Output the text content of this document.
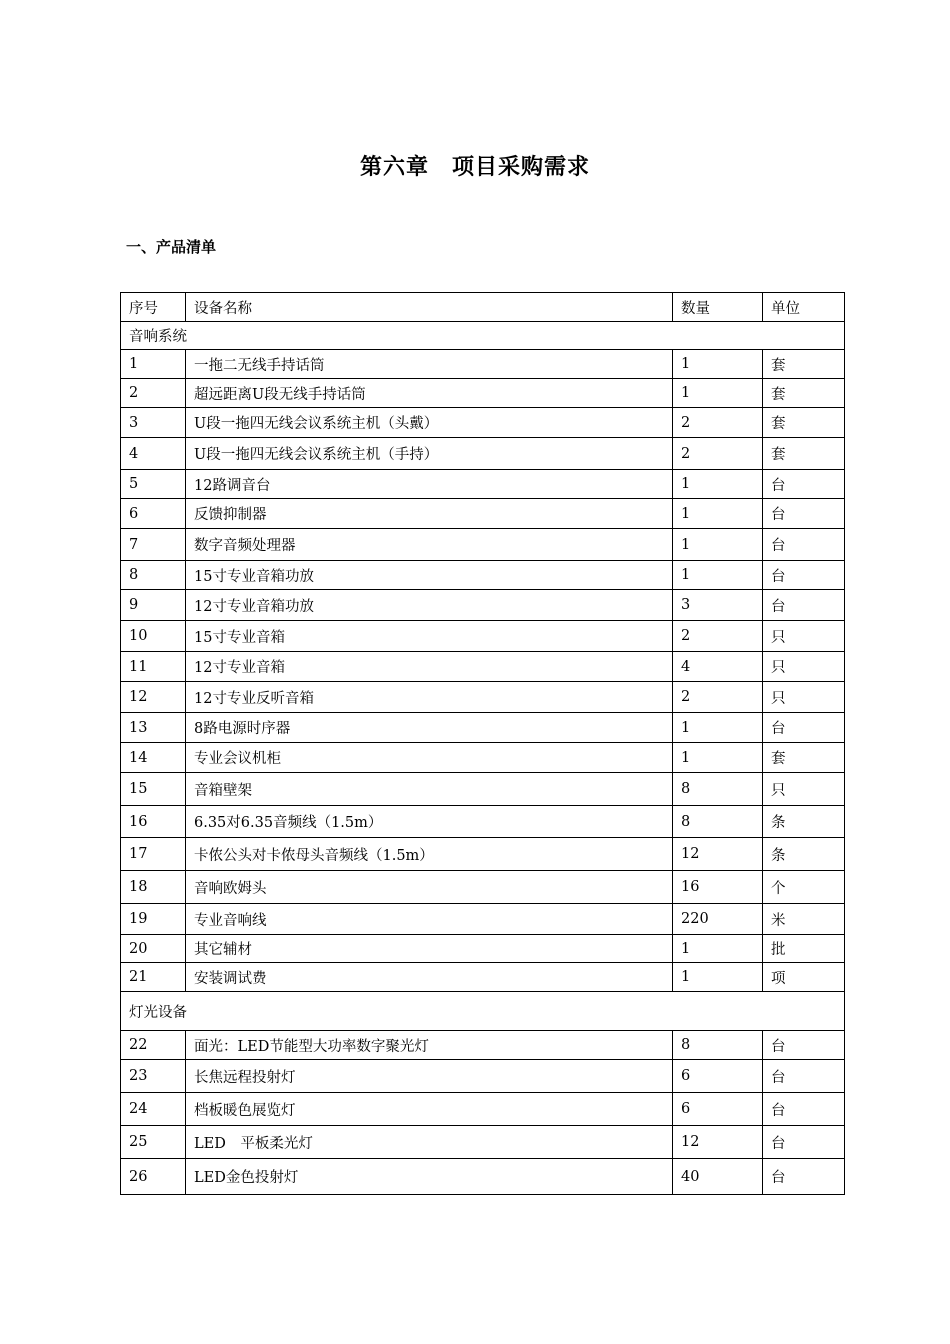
第六章　项目采购需求
一、产品清单
序号	设备名称	数量	单位
音响系统			
1	一拖二无线手持话筒	1	套
2	超远距离U段无线手持话筒	1	套
3	U段一拖四无线会议系统主机（头戴）	2	套
4	U段一拖四无线会议系统主机（手持）	2	套
5	12路调音台	1	台
6	反馈抑制器	1	台
7	数字音频处理器	1	台
8	15寸专业音箱功放	1	台
9	12寸专业音箱功放	3	台
10	15寸专业音箱	2	只
11	12寸专业音箱	4	只
12	12寸专业反听音箱	2	只
13	8路电源时序器	1	台
14	专业会议机柜	1	套
15	音箱壁架	8	只
16	6.35对6.35音频线（1.5m）	8	条
17	卡侬公头对卡侬母头音频线（1.5m）	12	条
18	音响欧姆头	16	个
19	专业音响线	220	米
20	其它辅材	1	批
21	安装调试费	1	项
灯光设备			
22	面光：LED节能型大功率数字聚光灯	8	台
23	长焦远程投射灯	6	台
24	档板暖色展览灯	6	台
25	LED　平板柔光灯	12	台
26	LED金色投射灯	40	台
